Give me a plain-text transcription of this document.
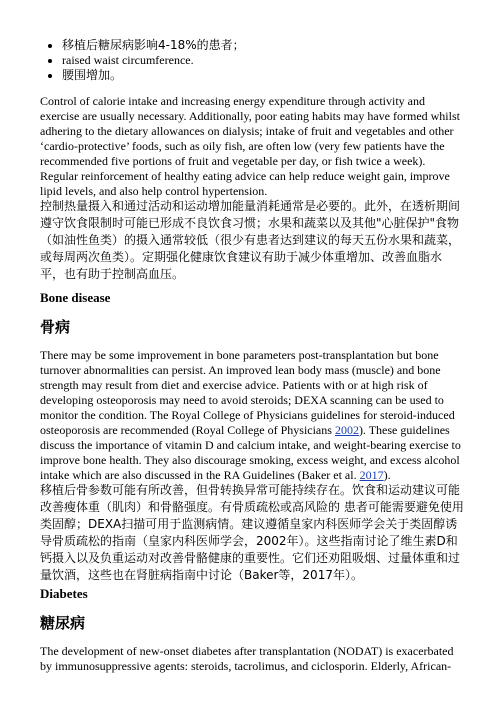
• 移植后糖尿病影响4-18%的患者；
• raised waist circumference.
• 腰围增加。

Control of calorie intake and increasing energy expenditure through activity and exercise are usually necessary. Additionally, poor eating habits may have formed whilst adhering to the dietary allowances on dialysis; intake of fruit and vegetables and other ‘cardio-protective’ foods, such as oily fish, are often low (very few patients have the recommended five portions of fruit and vegetable per day, or fish twice a week). Regular reinforcement of healthy eating advice can help reduce weight gain, improve lipid levels, and also help control hypertension.

控制热量摄入和通过活动和运动增加能量消耗通常是必要的。此外，在透析期间遵守饮食限制时可能已形成不良饮食习惯；水果和蔬菜以及其他"心脏保护"食物（如油性鱼类）的摄入通常较低（很少有患者达到建议的每天五份水果和蔬菜，或每周两次鱼类）。定期强化健康饮食建议有助于减少体重增加、改善血脂水平，也有助于控制高血压。

Bone disease
骨病

There may be some improvement in bone parameters post-transplantation but bone turnover abnormalities can persist. An improved lean body mass (muscle) and bone strength may result from diet and exercise advice. Patients with or at high risk of developing osteoporosis may need to avoid steroids; DEXA scanning can be used to monitor the condition. The Royal College of Physicians guidelines for steroid-induced osteoporosis are recommended (Royal College of Physicians 2002). These guidelines discuss the importance of vitamin D and calcium intake, and weight-bearing exercise to improve bone health. They also discourage smoking, excess weight, and excess alcohol intake which are also discussed in the RA Guidelines (Baker et al. 2017).

移植后骨参数可能有所改善，但骨转换异常可能持续存在。饮食和运动建议可能改善瘦体重（肌肉）和骨骼强度。有骨质疏松或高风险的 患者可能需要避免使用类固醇；DEXA扫描可用于监测病情。建议遵循皇家内科医师学会关于类固醇诱导骨质疏松的指南（皇家内科医师学会，2002年）。这些指南讨论了维生素D和钙摄入以及负重运动对改善骨骼健康的重要性。它们还劝阻吸烟、过量体重和过量饮酒，这些也在肾脏病指南中讨论（Baker等，2017年）。

Diabetes
糖尿病

The development of new-onset diabetes after transplantation (NODAT) is exacerbated by immunosuppressive agents: steroids, tacrolimus, and ciclosporin. Elderly, African-
